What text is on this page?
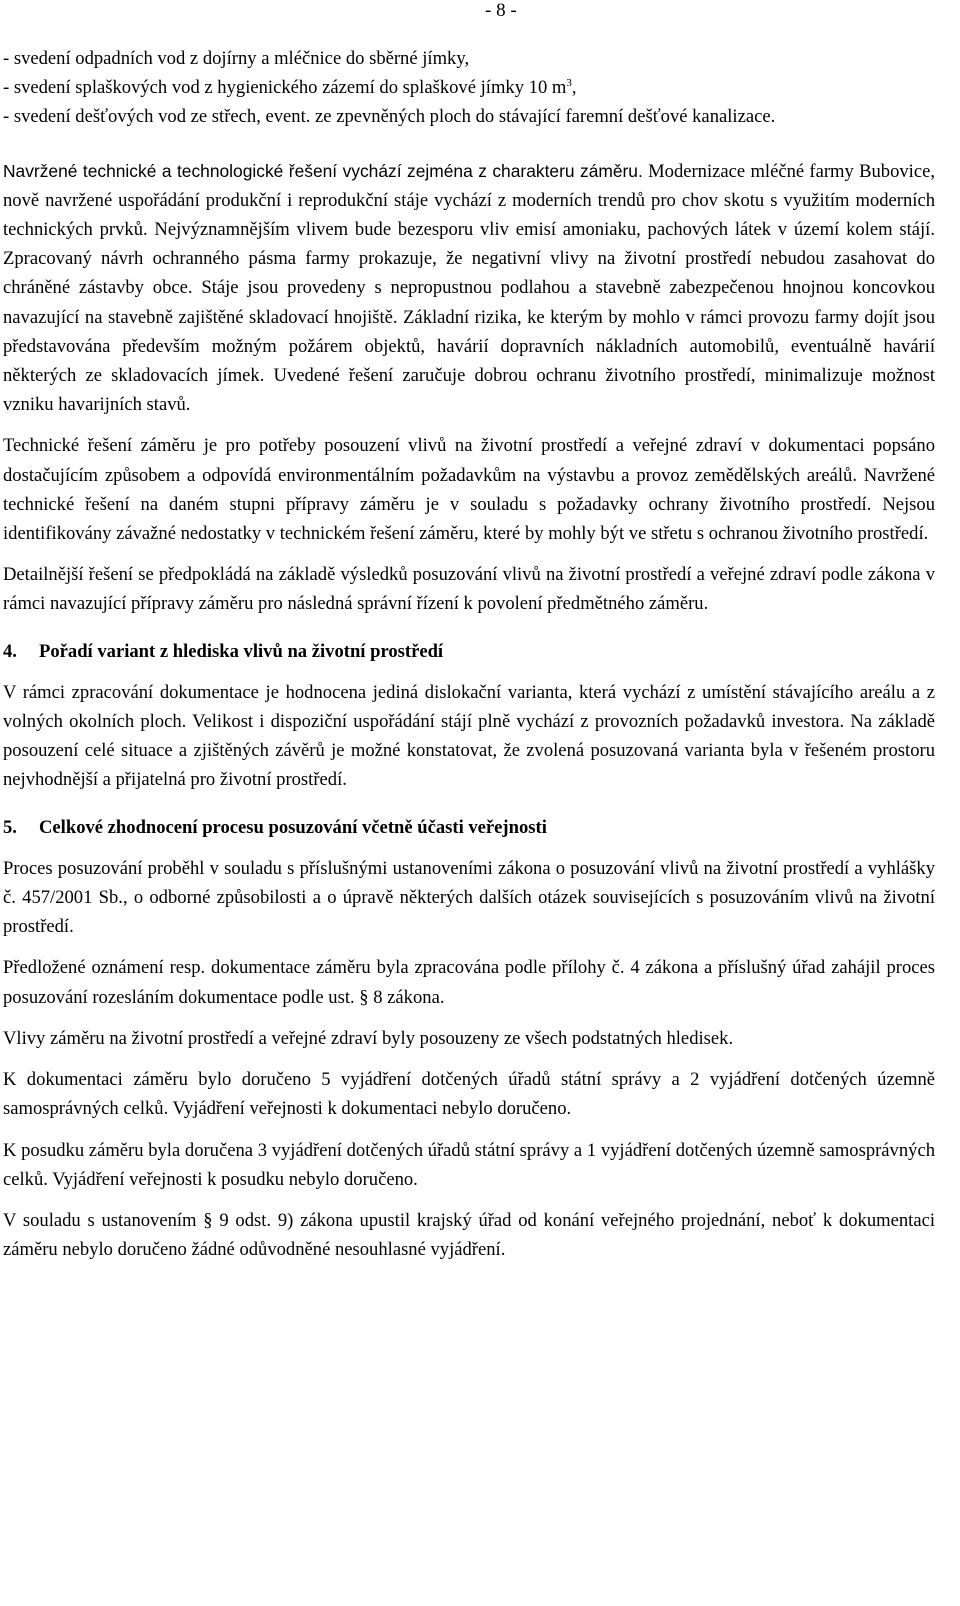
- 8 -
- svedení odpadních vod z dojírny a mléčnice do sběrné jímky,
- svedení splaškových vod z hygienického zázemí do splaškové jímky 10 $m^3$,
- svedení dešťových vod ze střech, event. ze zpevněných ploch do stávající faremní dešťové kanalizace.

Navržené technické a technologické řešení vychází zejména z charakteru záměru. Modernizace mléčné farmy Bubovice, nově navržené uspořádání produkční i reprodukční stáje vychází z moderních trendů pro chov skotu s využitím moderních technických prvků. Nejvýznamnějším vlivem bude bezesporu vliv emisí amoniaku, pachových látek v území kolem stájí. Zpracovaný návrh ochranného pásma farmy prokazuje, že negativní vlivy na životní prostředí nebudou zasahovat do chráněné zástavby obce. Stáje jsou provedeny s nepropustnou podlahou a stavebně zabezpečenou hnojnou koncovkou navazující na stavebně zajištěné skladovací hnojiště. Základní rizika, ke kterým by mohlo v rámci provozu farmy dojít jsou představována především možným požárem objektů, havárií dopravních nákladních automobilů, eventuálně havárií některých ze skladovacích jímek. Uvedené řešení zaručuje dobrou ochranu životního prostředí, minimalizuje možnost vzniku havarijních stavů.

Technické řešení záměru je pro potřeby posouzení vlivů na životní prostředí a veřejné zdraví v dokumentaci popsáno dostačujícím způsobem a odpovídá environmentálním požadavkům na výstavbu a provoz zemědělských areálů. Navržené technické řešení na daném stupni přípravy záměru je v souladu s požadavky ochrany životního prostředí. Nejsou identifikovány závažné nedostatky v technickém řešení záměru, které by mohly být ve střetu s ochranou životního prostředí.

Detailnější řešení se předpokládá na základě výsledků posuzování vlivů na životní prostředí a veřejné zdraví podle zákona v rámci navazující přípravy záměru pro následná správní řízení k povolení předmětného záměru.

4. Pořadí variant z hlediska vlivů na životní prostředí

V rámci zpracování dokumentace je hodnocena jediná dislokační varianta, která vychází z umístění stávajícího areálu a z volných okolních ploch. Velikost i dispoziční uspořádání stájí plně vychází z provozních požadavků investora. Na základě posouzení celé situace a zjištěných závěrů je možné konstatovat, že zvolená posuzovaná varianta byla v řešeném prostoru nejvhodnější a přijatelná pro životní prostředí.

5. Celkové zhodnocení procesu posuzování včetně účasti veřejnosti

Proces posuzování proběhl v souladu s příslušnými ustanoveními zákona o posuzování vlivů na životní prostředí a vyhlášky č. 457/2001 Sb., o odborné způsobilosti a o úpravě některých dalších otázek souvisejících s posuzováním vlivů na životní prostředí.

Předložené oznámení resp. dokumentace záměru byla zpracována podle přílohy č. 4 zákona a příslušný úřad zahájil proces posuzování rozesláním dokumentace podle ust. § 8 zákona.

Vlivy záměru na životní prostředí a veřejné zdraví byly posouzeny ze všech podstatných hledisek.

K dokumentaci záměru bylo doručeno 5 vyjádření dotčených úřadů státní správy a 2 vyjádření dotčených územně samosprávných celků. Vyjádření veřejnosti k dokumentaci nebylo doručeno.

K posudku záměru byla doručena 3 vyjádření dotčených úřadů státní správy a 1 vyjádření dotčených územně samosprávných celků. Vyjádření veřejnosti k posudku nebylo doručeno.

V souladu s ustanovením § 9 odst. 9) zákona upustil krajský úřad od konání veřejného projednání, neboť k dokumentaci záměru nebylo doručeno žádné odůvodněné nesouhlasné vyjádření.
